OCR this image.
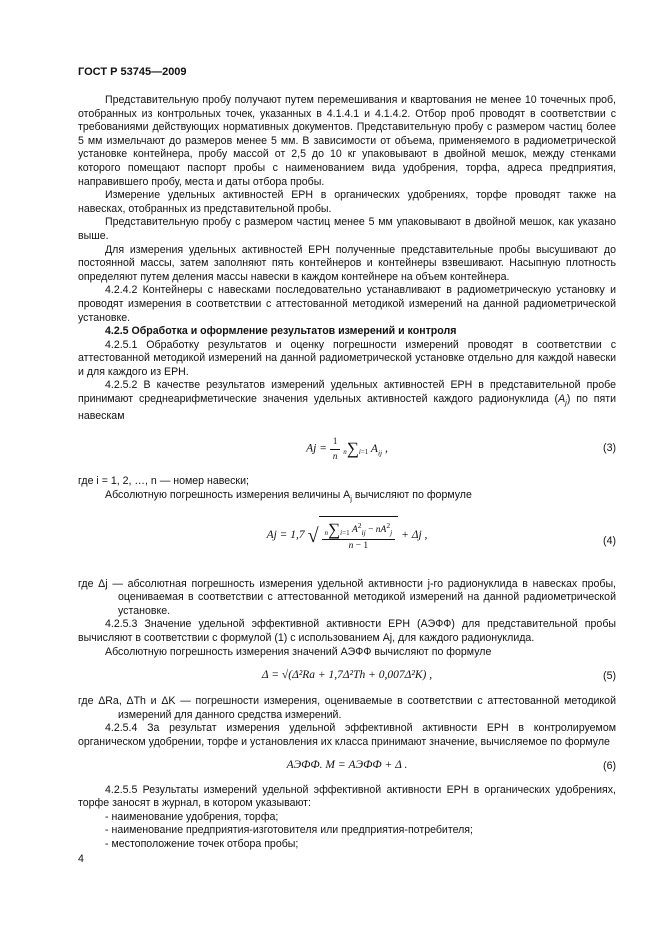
ГОСТ Р 53745—2009

Представительную пробу получают путем перемешивания и квартования не менее 10 точечных проб, отобранных из контрольных точек, указанных в 4.1.4.1 и 4.1.4.2. Отбор проб проводят в соответствии с требованиями действующих нормативных документов. Представительную пробу с размером частиц более 5 мм измельчают до размеров менее 5 мм. В зависимости от объема, применяемого в радиометрической установке контейнера, пробу массой от 2,5 до 10 кг упаковывают в двойной мешок, между стенками которого помещают паспорт пробы с наименованием вида удобрения, торфа, адреса предприятия, направившего пробу, места и даты отбора пробы.

Измерение удельных активностей ЕРН в органических удобрениях, торфе проводят также на навесках, отобранных из представительной пробы.

Представительную пробу с размером частиц менее 5 мм упаковывают в двойной мешок, как указано выше.

Для измерения удельных активностей ЕРН полученные представительные пробы высушивают до постоянной массы, затем заполняют пять контейнеров и контейнеры взвешивают. Насыпную плотность определяют путем деления массы навески в каждом контейнере на объем контейнера.

4.2.4.2 Контейнеры с навесками последовательно устанавливают в радиометрическую установку и проводят измерения в соответствии с аттестованной методикой измерений на данной радиометрической установке.

4.2.5 Обработка и оформление результатов измерений и контроля

4.2.5.1 Обработку результатов и оценку погрешности измерений проводят в соответствии с аттестованной методикой измерений на данной радиометрической установке отдельно для каждой навески и для каждого из ЕРН.

4.2.5.2 В качестве результатов измерений удельных активностей ЕРН в представительной пробе принимают среднеарифметические значения удельных активностей каждого радионуклида $(A_j)$ по пяти навескам

$Aj = \frac{1}{n} n\sum i=1$ $A_{ij}$ ,	(3)

где i = 1, 2, …, n — номер навески;

Абсолютную погрешность измерения величины $A_j$ вычисляют по формуле

Aj = 1,7 √ $\frac{n\sum i=1 A^2_{ij} - nA^2_j}{n - 1} + \Delta j$ ,
(4)

где Δj — абсолютная погрешность измерения удельной активности j-го радионуклида в навесках пробы, оцениваемая в соответствии с аттестованной методикой измерений на данной радиометрической установке.

4.2.5.3 Значение удельной эффективной активности ЕРН (AЭФФ) для представительной пробы вычисляют в соответствии с формулой (1) с использованием Aj, для каждого радионуклида.

Абсолютную погрешность измерения значений AЭФФ вычисляют по формуле

Δ = √(Δ²Ra + 1,7Δ²Th + 0,007Δ²K) ,	(5)

где ΔRa, ΔTh и ΔK — погрешности измерения, оцениваемые в соответствии с аттестованной методикой измерений для данного средства измерений.

4.2.5.4 За результат измерения удельной эффективной активности ЕРН в контролируемом органическом удобрении, торфе и установления их класса принимают значение, вычисляемое по формуле

AЭФФ. М = AЭФФ + Δ .	(6)

4.2.5.5 Результаты измерений удельной эффективной активности ЕРН в органических удобрениях, торфе заносят в журнал, в котором указывают:

- наименование удобрения, торфа;

- наименование предприятия-изготовителя или предприятия-потребителя;

- местоположение точек отбора пробы;

4
